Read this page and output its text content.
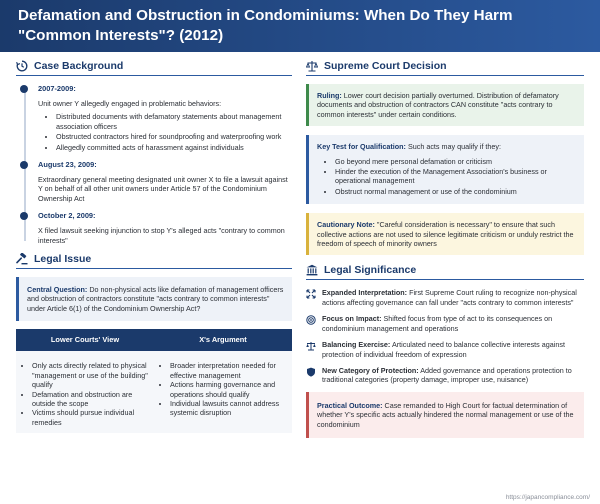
Defamation and Obstruction in Condominiums: When Do They Harm "Common Interests"? (2012)
Case Background
2007-2009:
Unit owner Y allegedly engaged in problematic behaviors:
• Distributed documents with defamatory statements about management association officers
• Obstructed contractors hired for soundproofing and waterproofing work
• Allegedly committed acts of harassment against individuals
August 23, 2009:
Extraordinary general meeting designated unit owner X to file a lawsuit against Y on behalf of all other unit owners under Article 57 of the Condominium Ownership Act
October 2, 2009:
X filed lawsuit seeking injunction to stop Y's alleged acts "contrary to common interests"
Legal Issue
Central Question: Do non-physical acts like defamation of management officers and obstruction of contractors constitute "acts contrary to common interests" under Article 6(1) of the Condominium Ownership Act?
Lower Courts' View	X's Argument
• Only acts directly related to physical "management or use of the building" qualify
• Defamation and obstruction are outside the scope
• Victims should pursue individual remedies
• Broader interpretation needed for effective management
• Actions harming governance and operations should qualify
• Individual lawsuits cannot address systemic disruption
Supreme Court Decision
Ruling: Lower court decision partially overturned. Distribution of defamatory documents and obstruction of contractors CAN constitute "acts contrary to common interests" under certain conditions.
Key Test for Qualification: Such acts may qualify if they:
• Go beyond mere personal defamation or criticism
• Hinder the execution of the Management Association's business or operational management
• Obstruct normal management or use of the condominium
Cautionary Note: "Careful consideration is necessary" to ensure that such collective actions are not used to silence legitimate criticism or unduly restrict the freedom of speech of minority owners
Legal Significance
Expanded Interpretation: First Supreme Court ruling to recognize non-physical actions affecting governance can fall under "acts contrary to common interests"
Focus on Impact: Shifted focus from type of act to its consequences on condominium management and operations
Balancing Exercise: Articulated need to balance collective interests against protection of individual freedom of expression
New Category of Protection: Added governance and operations protection to traditional categories (property damage, improper use, nuisance)
Practical Outcome: Case remanded to High Court for factual determination of whether Y's specific acts actually hindered the normal management or use of the condominium
https://japancompliance.com/
